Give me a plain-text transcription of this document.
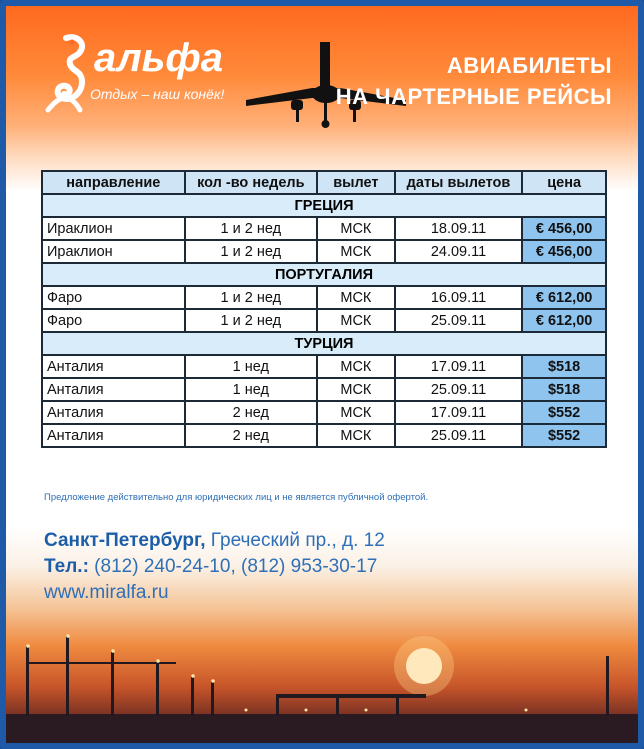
альфа
Отдых – наш конёк!
АВИАБИЛЕТЫ
НА ЧАРТЕРНЫЕ РЕЙСЫ
направление	кол -во недель	вылет	даты вылетов	цена
ГРЕЦИЯ				
Ираклион	1 и 2 нед	МСК	18.09.11	€ 456,00
Ираклион	1 и 2 нед	МСК	24.09.11	€ 456,00
ПОРТУГАЛИЯ				
Фаро	1 и 2 нед	МСК	16.09.11	€ 612,00
Фаро	1 и 2 нед	МСК	25.09.11	€ 612,00
ТУРЦИЯ				
Анталия	1 нед	МСК	17.09.11	$518
Анталия	1 нед	МСК	25.09.11	$518
Анталия	2 нед	МСК	17.09.11	$552
Анталия	2 нед	МСК	25.09.11	$552
Предложение действительно для юридических лиц и не является публичной офертой.
Санкт-Петербург, Греческий пр., д. 12
Тел.: (812) 240-24-10, (812) 953-30-17
www.miralfa.ru
